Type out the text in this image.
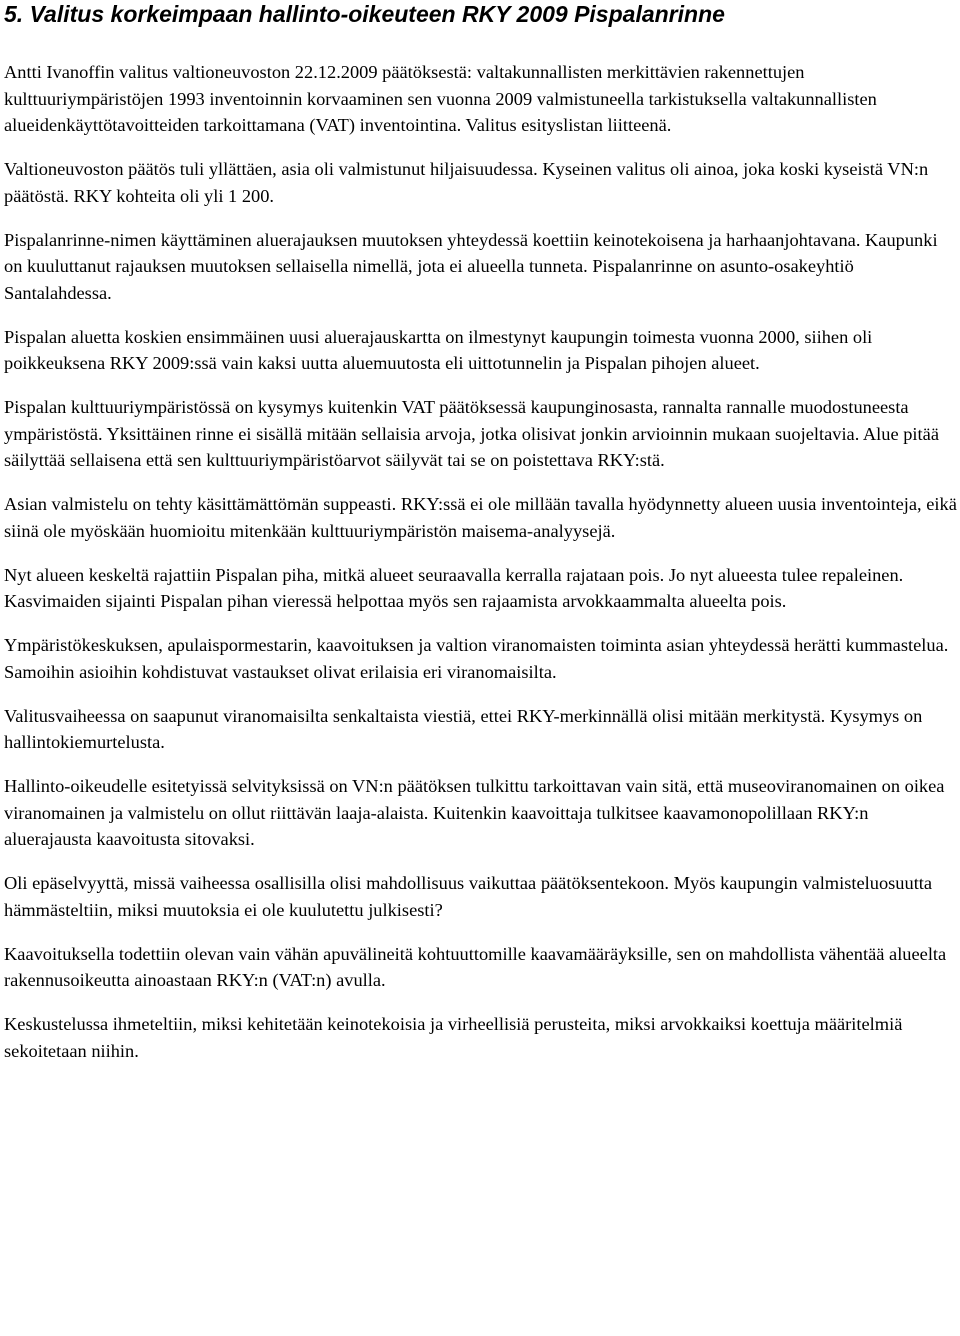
5. Valitus korkeimpaan hallinto-oikeuteen RKY 2009 Pispalanrinne

Antti Ivanoffin valitus valtioneuvoston 22.12.2009 päätöksestä: valtakunnallisten merkittävien rakennettujen kulttuuriympäristöjen 1993 inventoinnin korvaaminen sen vuonna 2009 valmistuneella tarkistuksella valtakunnallisten alueidenkäyttötavoitteiden tarkoittamana (VAT) inventointina. Valitus esityslistan liitteenä.

Valtioneuvoston päätös tuli yllättäen, asia oli valmistunut hiljaisuudessa. Kyseinen valitus oli ainoa, joka koski kyseistä VN:n päätöstä. RKY kohteita oli yli 1 200.

Pispalanrinne-nimen käyttäminen aluerajauksen muutoksen yhteydessä koettiin keinotekoisena ja harhaanjohtavana. Kaupunki on kuuluttanut rajauksen muutoksen sellaisella nimellä, jota ei alueella tunneta. Pispalanrinne on asunto-osakeyhtiö Santalahdessa.

Pispalan aluetta koskien ensimmäinen uusi aluerajauskartta on ilmestynyt kaupungin toimesta vuonna 2000, siihen oli poikkeuksena RKY 2009:ssä vain kaksi uutta aluemuutosta eli uittotunnelin ja Pispalan pihojen alueet.

Pispalan kulttuuriympäristössä on kysymys kuitenkin VAT päätöksessä kaupunginosasta, rannalta rannalle muodostuneesta ympäristöstä. Yksittäinen rinne ei sisällä mitään sellaisia arvoja, jotka olisivat jonkin arvioinnin mukaan suojeltavia. Alue pitää säilyttää sellaisena että sen kulttuuriympäristöarvot säilyvät tai se on poistettava RKY:stä.

Asian valmistelu on tehty käsittämättömän suppeasti. RKY:ssä ei ole millään tavalla hyödynnetty alueen uusia inventointeja, eikä siinä ole myöskään huomioitu mitenkään kulttuuriympäristön maisema-analyysejä.

Nyt alueen keskeltä rajattiin Pispalan piha, mitkä alueet seuraavalla kerralla rajataan pois. Jo nyt alueesta tulee repaleinen. Kasvimaiden sijainti Pispalan pihan vieressä helpottaa myös sen rajaamista arvokkaammalta alueelta pois.

Ympäristökeskuksen, apulaispormestarin, kaavoituksen ja valtion viranomaisten toiminta asian yhteydessä herätti kummastelua. Samoihin asioihin kohdistuvat vastaukset olivat erilaisia eri viranomaisilta.

Valitusvaiheessa on saapunut viranomaisilta senkaltaista viestiä, ettei RKY-merkinnällä olisi mitään merkitystä. Kysymys on hallintokiemurtelusta.

Hallinto-oikeudelle esitetyissä selvityksissä on VN:n päätöksen tulkittu tarkoittavan vain sitä, että museoviranomainen on oikea viranomainen ja valmistelu on ollut riittävän laaja-alaista. Kuitenkin kaavoittaja tulkitsee kaavamonopolillaan RKY:n aluerajausta kaavoitusta sitovaksi.

Oli epäselvyyttä, missä vaiheessa osallisilla olisi mahdollisuus vaikuttaa päätöksentekoon. Myös kaupungin valmisteluosuutta hämmästeltiin, miksi muutoksia ei ole kuulutettu julkisesti?

Kaavoituksella todettiin olevan vain vähän apuvälineitä kohtuuttomille kaavamääräyksille, sen on mahdollista vähentää alueelta rakennusoikeutta ainoastaan RKY:n (VAT:n) avulla.

Keskustelussa ihmeteltiin, miksi kehitetään keinotekoisia ja virheellisiä perusteita, miksi arvokkaiksi koettuja määritelmiä sekoitetaan niihin.
